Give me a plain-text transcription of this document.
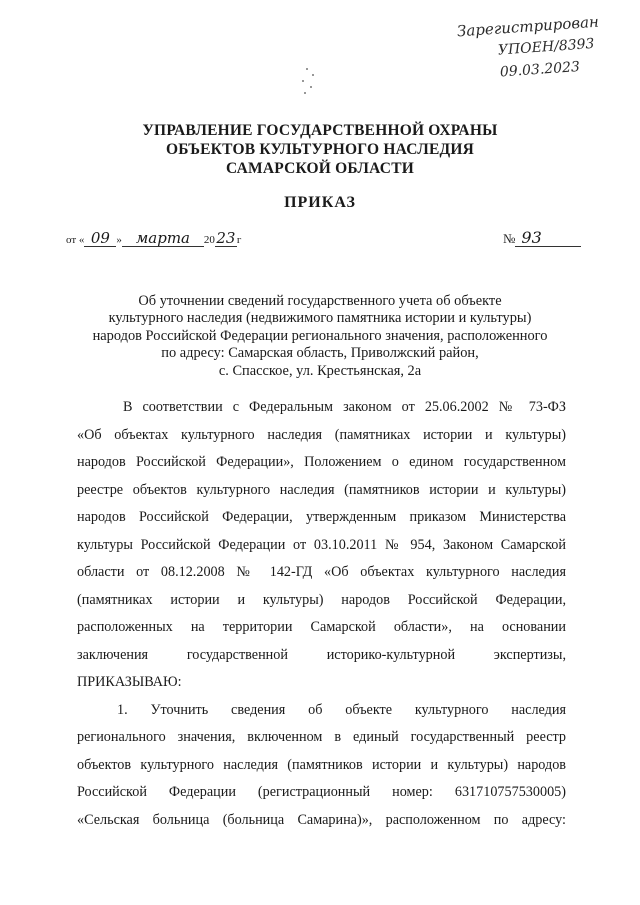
Зарегистрирован
УПОЕН/8393
09.03.2023
УПРАВЛЕНИЕ ГОСУДАРСТВЕННОЙ ОХРАНЫ
ОБЪЕКТОВ КУЛЬТУРНОГО НАСЛЕДИЯ
САМАРСКОЙ ОБЛАСТИ
ПРИКАЗ
от « 09 » марта 2023г	№ 93
Об уточнении сведений государственного учета об объекте
культурного наследия (недвижимого памятника истории и культуры)
народов Российской Федерации регионального значения, расположенного
по адресу: Самарская область, Приволжский район,
с. Спасское, ул. Крестьянская, 2а
В соответствии с Федеральным законом от 25.06.2002 № 73-ФЗ
«Об объектах культурного наследия (памятниках истории и культуры)
народов Российской Федерации», Положением о едином государственном
реестре объектов культурного наследия (памятников истории и культуры)
народов Российской Федерации, утвержденным приказом Министерства
культуры Российской Федерации от 03.10.2011 № 954, Законом Самарской
области от 08.12.2008 № 142-ГД «Об объектах культурного наследия
(памятниках истории и культуры) народов Российской Федерации,
расположенных на территории Самарской области», на основании
заключения государственной историко-культурной экспертизы,
ПРИКАЗЫВАЮ:
1. Уточнить сведения об объекте культурного наследия
регионального значения, включенном в единый государственный реестр
объектов культурного наследия (памятников истории и культуры) народов
Российской Федерации (регистрационный номер: 631710757530005)
«Сельская больница (больница Самарина)», расположенном по адресу:
